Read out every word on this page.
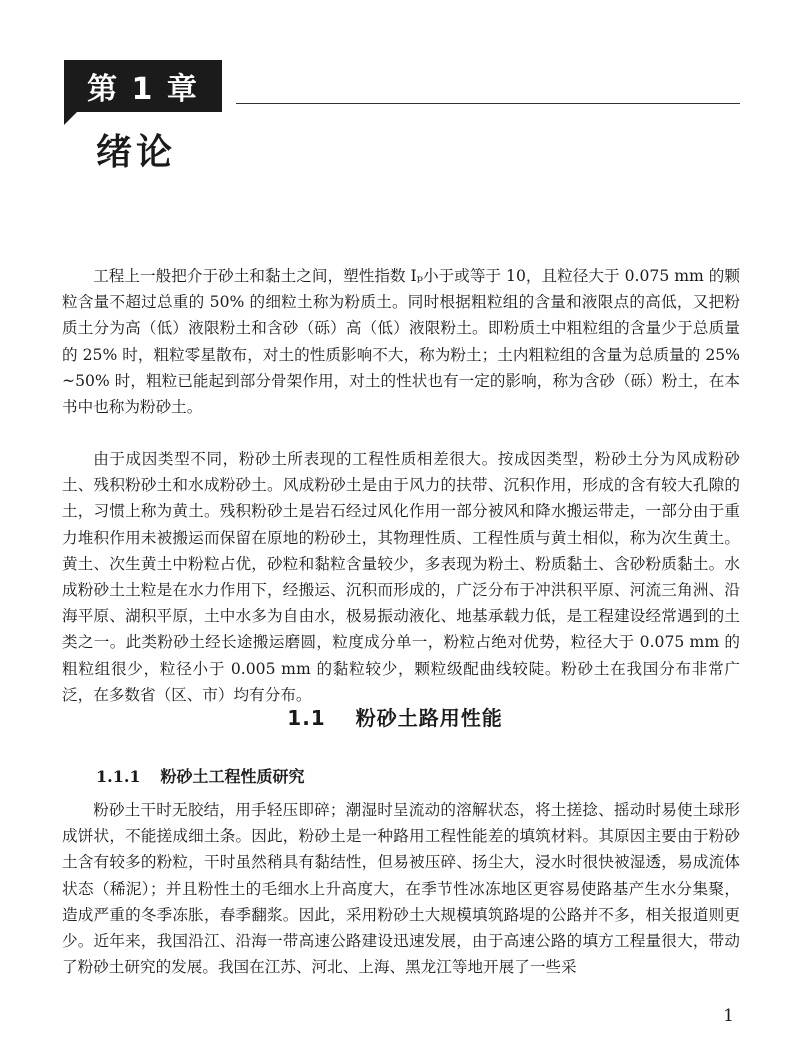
第 1 章
绪论

工程上一般把介于砂土和黏土之间，塑性指数 Iₚ小于或等于 10，且粒径大于 0.075 mm 的颗粒含量不超过总重的 50% 的细粒土称为粉质土。同时根据粗粒组的含量和液限点的高低，又把粉质土分为高（低）液限粉土和含砂（砾）高（低）液限粉土。即粉质土中粗粒组的含量少于总质量的 25% 时，粗粒零星散布，对土的性质影响不大，称为粉土；土内粗粒组的含量为总质量的 25% ~50% 时，粗粒已能起到部分骨架作用，对土的性状也有一定的影响，称为含砂（砾）粉土，在本书中也称为粉砂土。

由于成因类型不同，粉砂土所表现的工程性质相差很大。按成因类型，粉砂土分为风成粉砂土、残积粉砂土和水成粉砂土。风成粉砂土是由于风力的扶带、沉积作用，形成的含有较大孔隙的土，习惯上称为黄土。残积粉砂土是岩石经过风化作用一部分被风和降水搬运带走，一部分由于重力堆积作用未被搬运而保留在原地的粉砂土，其物理性质、工程性质与黄土相似，称为次生黄土。黄土、次生黄土中粉粒占优，砂粒和黏粒含量较少，多表现为粉土、粉质黏土、含砂粉质黏土。水成粉砂土土粒是在水力作用下，经搬运、沉积而形成的，广泛分布于冲洪积平原、河流三角洲、沿海平原、湖积平原，土中水多为自由水，极易振动液化、地基承载力低，是工程建设经常遇到的土类之一。此类粉砂土经长途搬运磨圆，粒度成分单一，粉粒占绝对优势，粒径大于 0.075 mm 的粗粒组很少，粒径小于 0.005 mm 的黏粒较少，颗粒级配曲线较陡。粉砂土在我国分布非常广泛，在多数省（区、市）均有分布。

1.1 粉砂土路用性能
1.1.1 粉砂土工程性质研究

粉砂土干时无胶结，用手轻压即碎；潮湿时呈流动的溶解状态，将土搓捻、摇动时易使土球形成饼状，不能搓成细土条。因此，粉砂土是一种路用工程性能差的填筑材料。其原因主要由于粉砂土含有较多的粉粒，干时虽然稍具有黏结性，但易被压碎、扬尘大，浸水时很快被湿透，易成流体状态（稀泥）；并且粉性土的毛细水上升高度大，在季节性冰冻地区更容易使路基产生水分集聚，造成严重的冬季冻胀，春季翻浆。因此，采用粉砂土大规模填筑路堤的公路并不多，相关报道则更少。近年来，我国沿江、沿海一带高速公路建设迅速发展，由于高速公路的填方工程量很大，带动了粉砂土研究的发展。我国在江苏、河北、上海、黑龙江等地开展了一些采

1
